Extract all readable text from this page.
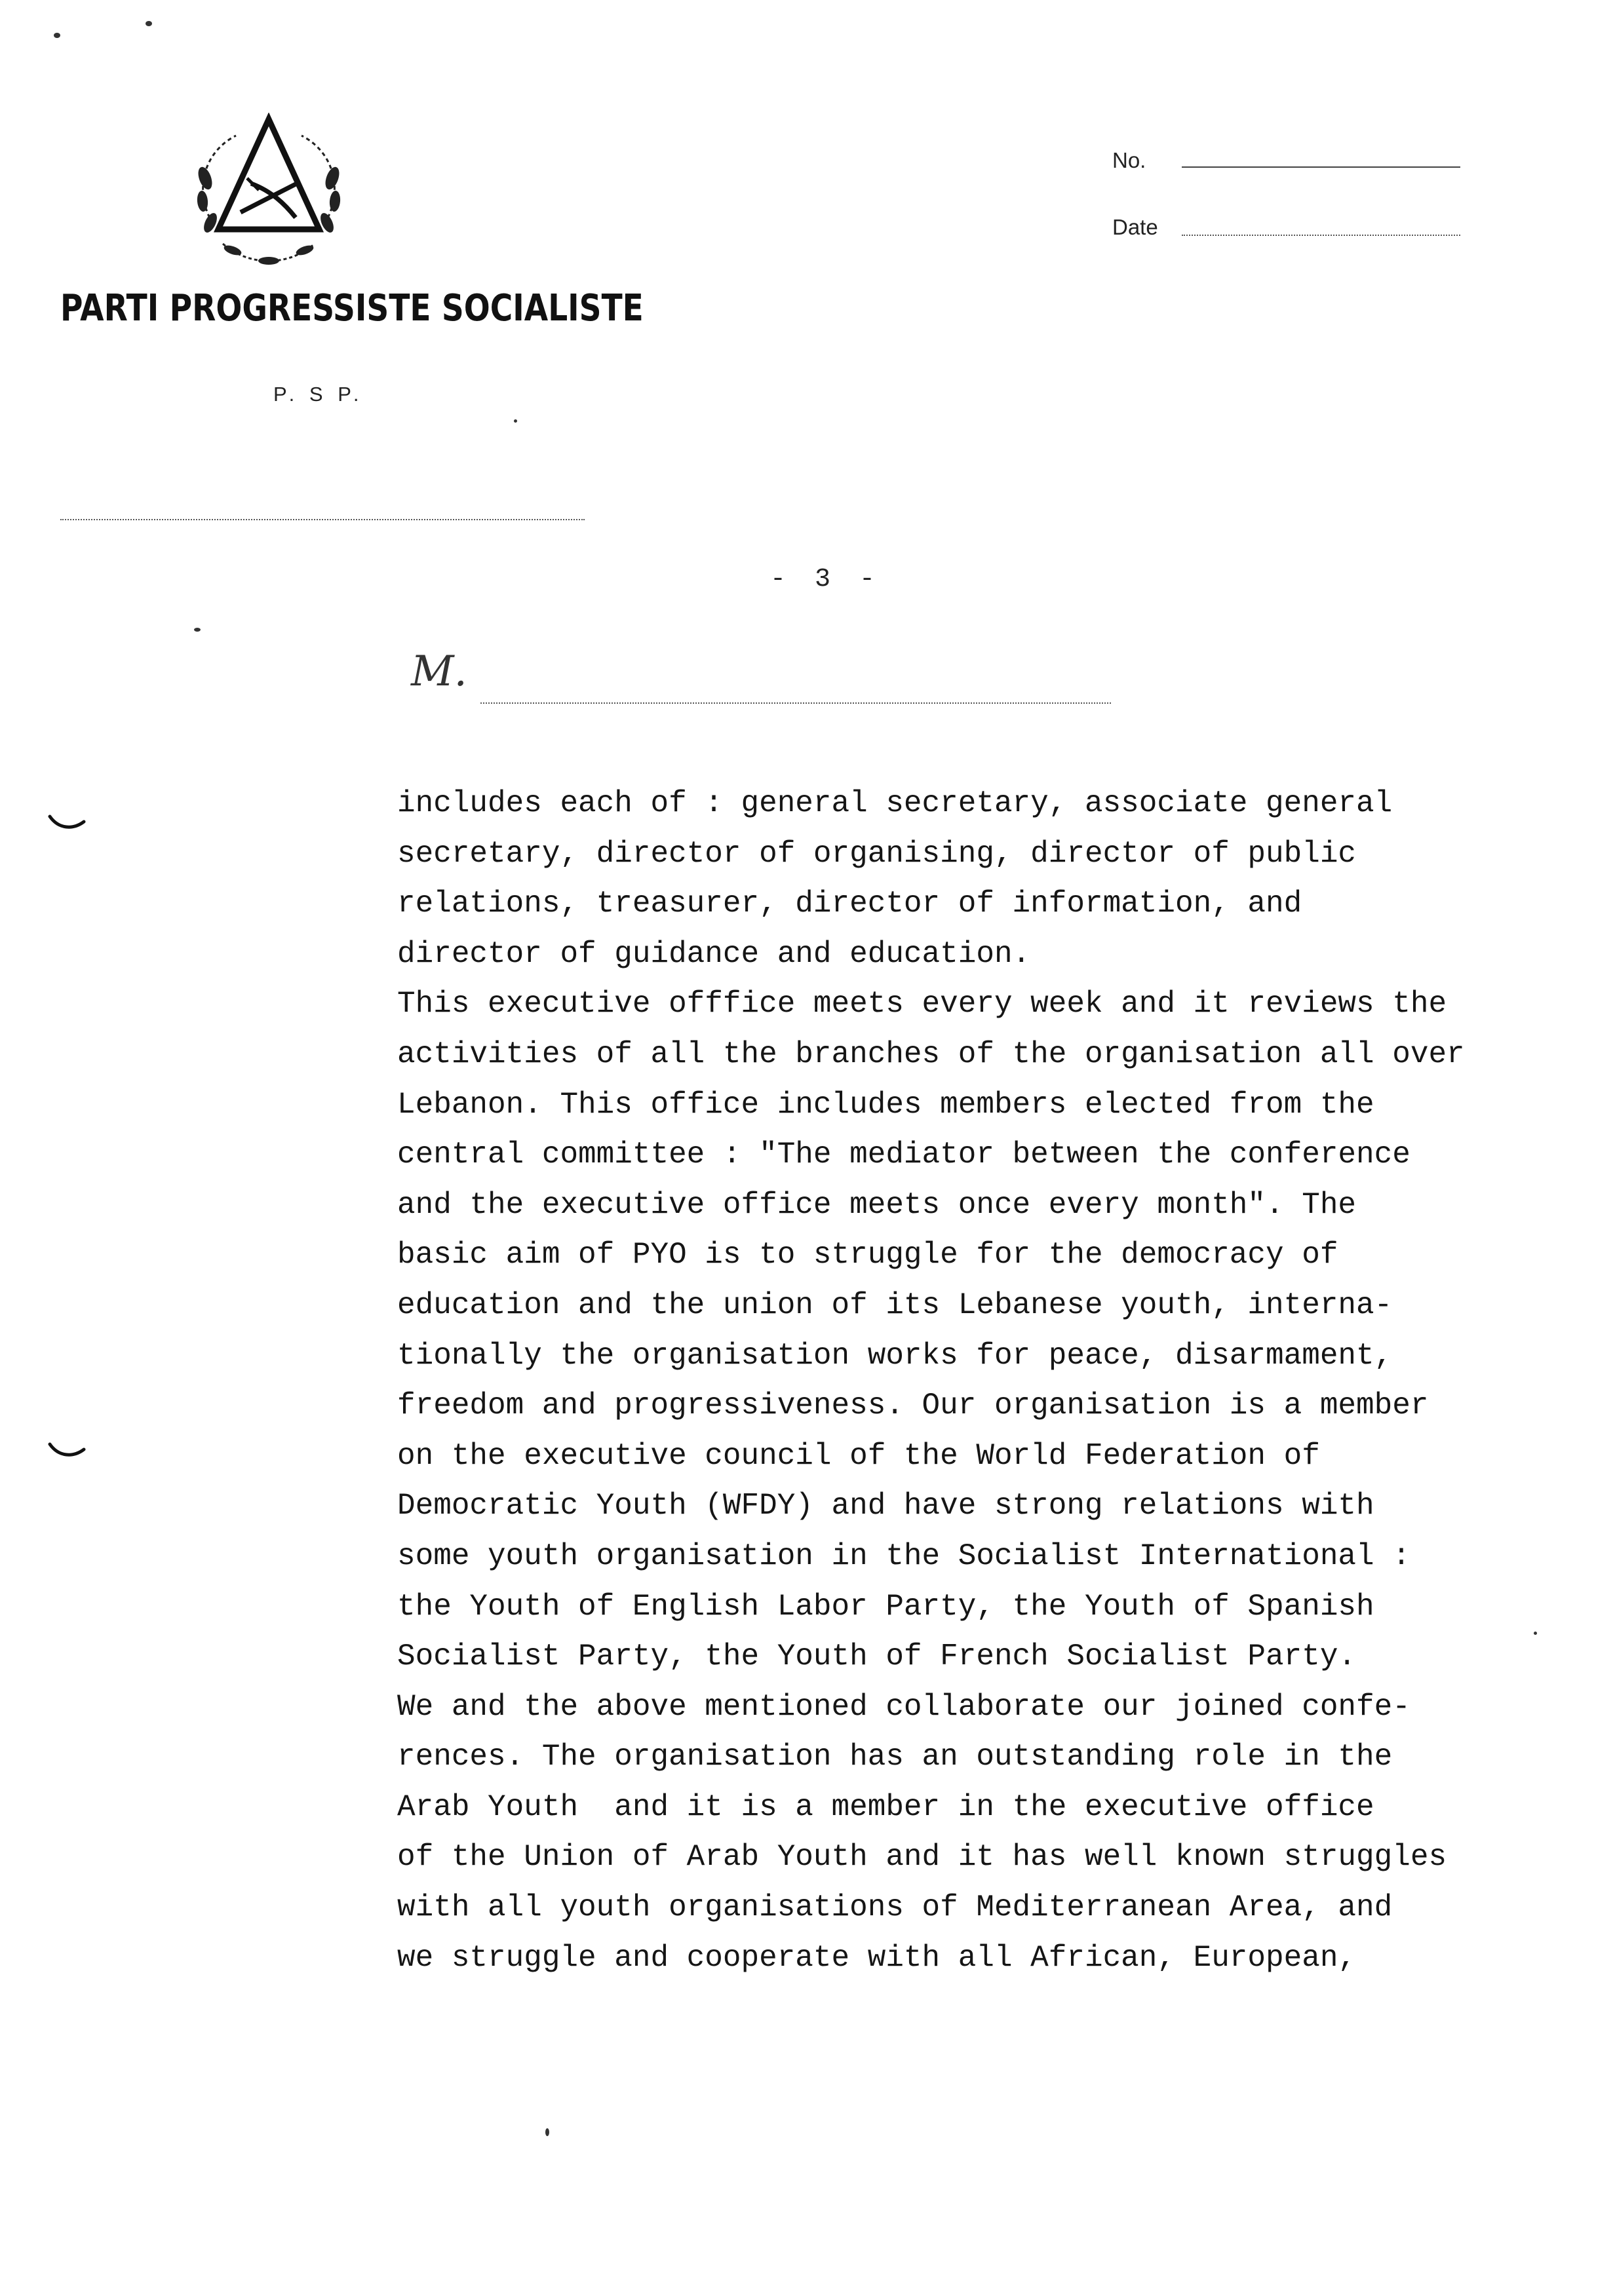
PARTI PROGRESSISTE SOCIALISTE
P. S P.
No.
Date
- 3 -
M.
includes each of : general secretary, associate general
secretary, director of organising, director of public
relations, treasurer, director of information, and
director of guidance and education.
This executive offfice meets every week and it reviews the
activities of all the branches of the organisation all over
Lebanon. This office includes members elected from the
central committee : "The mediator between the conference
and the executive office meets once every month". The
basic aim of PYO is to struggle for the democracy of
education and the union of its Lebanese youth, interna-
tionally the organisation works for peace, disarmament,
freedom and progressiveness. Our organisation is a member
on the executive council of the World Federation of
Democratic Youth (WFDY) and have strong relations with
some youth organisation in the Socialist International :
the Youth of English Labor Party, the Youth of Spanish
Socialist Party, the Youth of French Socialist Party.
We and the above mentioned collaborate our joined confe-
rences. The organisation has an outstanding role in the
Arab Youth  and it is a member in the executive office
of the Union of Arab Youth and it has well known struggles
with all youth organisations of Mediterranean Area, and
we struggle and cooperate with all African, European,
